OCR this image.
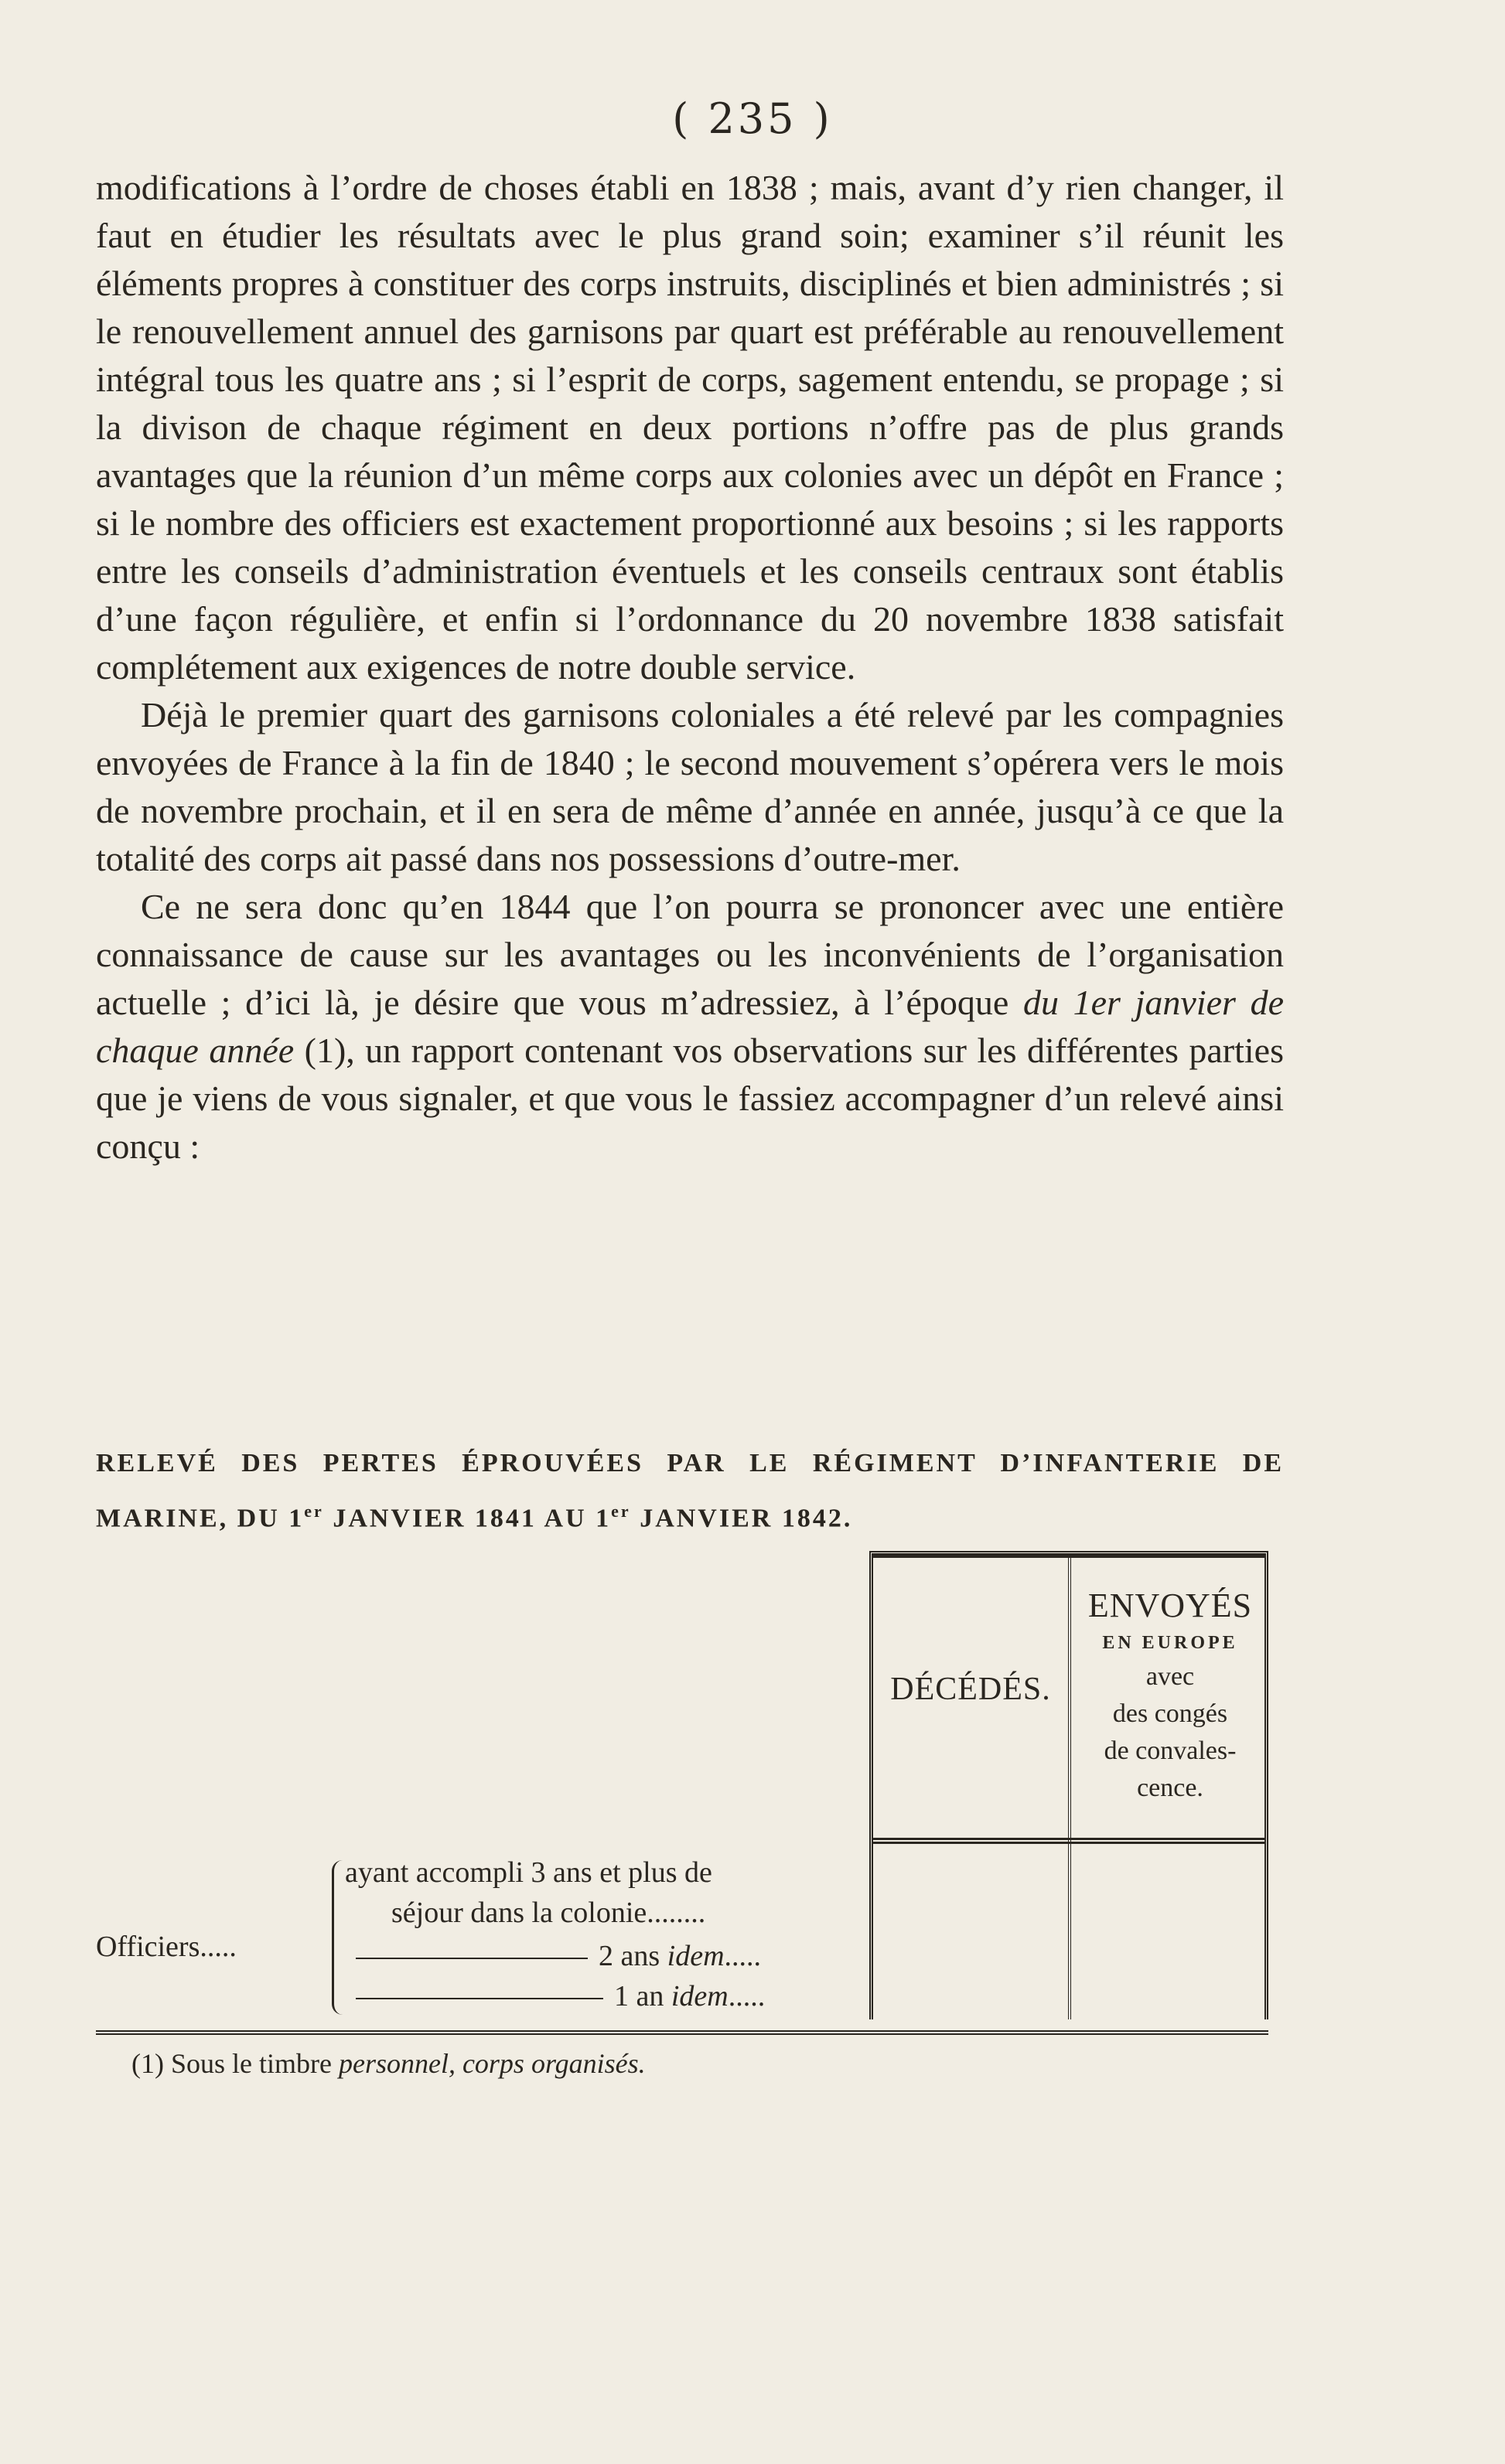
( 235 )

modifications à l’ordre de choses établi en 1838 ; mais, avant d’y rien changer, il faut en étudier les résultats avec le plus grand soin; examiner s’il réunit les éléments propres à constituer des corps instruits, disciplinés et bien administrés ; si le renouvellement annuel des garnisons par quart est préférable au renouvellement intégral tous les quatre ans ; si l’esprit de corps, sagement entendu, se propage ; si la divison de chaque régiment en deux portions n’offre pas de plus grands avantages que la réunion d’un même corps aux colonies avec un dépôt en France ; si le nombre des officiers est exactement proportionné aux besoins ; si les rapports entre les conseils d’administration éventuels et les conseils centraux sont établis d’une façon régulière, et enfin si l’ordonnance du 20 novembre 1838 satisfait complétement aux exigences de notre double service.

Déjà le premier quart des garnisons coloniales a été relevé par les compagnies envoyées de France à la fin de 1840 ; le second mouvement s’opérera vers le mois de novembre prochain, et il en sera de même d’année en année, jusqu’à ce que la totalité des corps ait passé dans nos possessions d’outre-mer.

Ce ne sera donc qu’en 1844 que l’on pourra se prononcer avec une entière connaissance de cause sur les avantages ou les inconvénients de l’organisation actuelle ; d’ici là, je désire que vous m’adressiez, à l’époque du 1er janvier de chaque année (1), un rapport contenant vos observations sur les différentes parties que je viens de vous signaler, et que vous le fassiez accompagner d’un relevé ainsi conçu :

RELEVÉ DES PERTES ÉPROUVÉES PAR LE RÉGIMENT D’INFANTERIE DE MARINE, DU 1er JANVIER 1841 AU 1er JANVIER 1842.
DÉCÉDÉS.
ENVOYÉS
EN EUROPE
avec
des congés
de convales-
cence.
Officiers.....
ayant accompli 3 ans et plus de
séjour dans la colonie........
2 ans idem.....
1 an idem.....
(1) Sous le timbre personnel, corps organisés.
